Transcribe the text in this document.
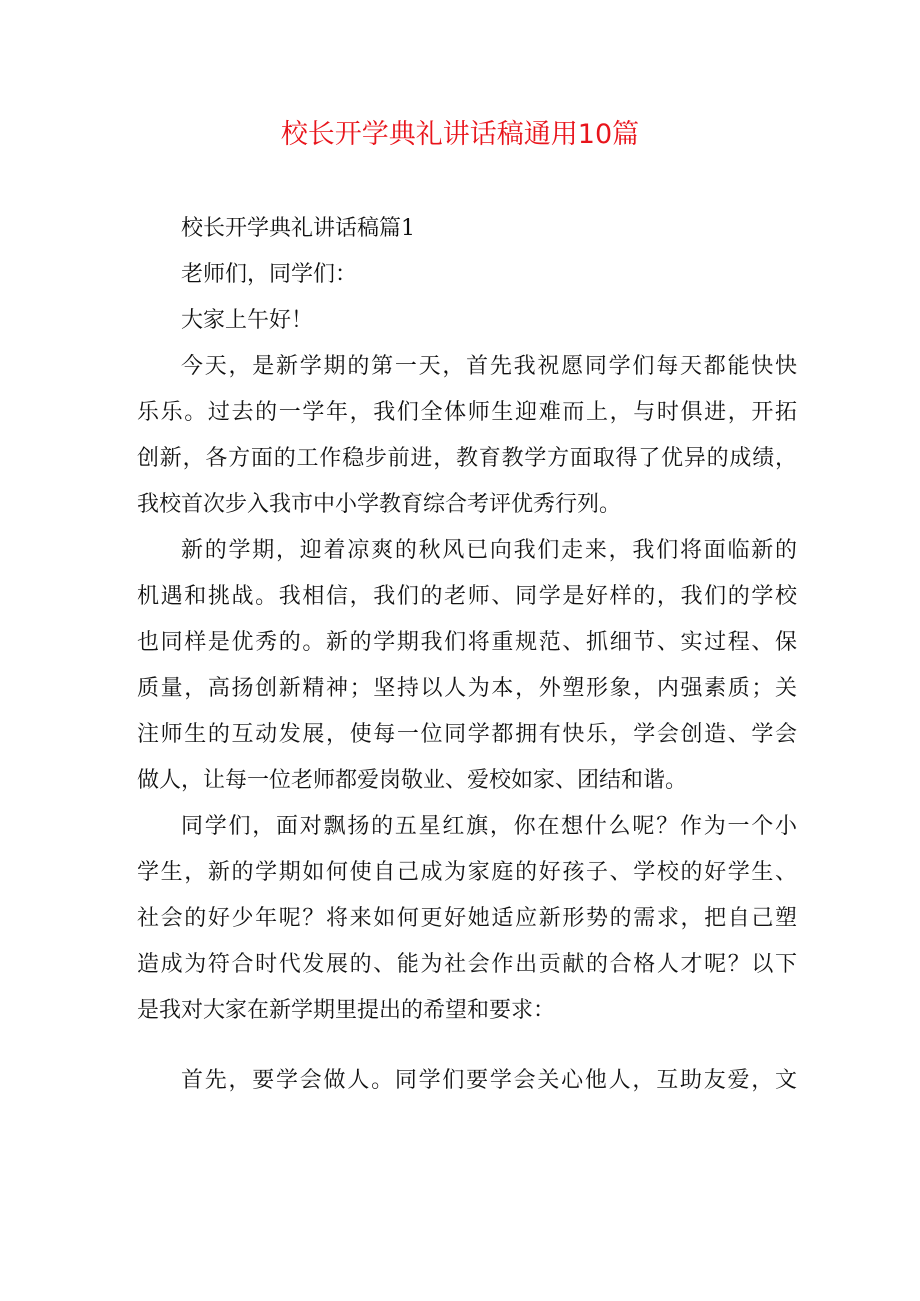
校长开学典礼讲话稿通用10篇
校长开学典礼讲话稿篇1
老师们，同学们：
大家上午好！
今天，是新学期的第一天，首先我祝愿同学们每天都能快快
乐乐。过去的一学年，我们全体师生迎难而上，与时俱进，开拓
创新，各方面的工作稳步前进，教育教学方面取得了优异的成绩，
我校首次步入我市中小学教育综合考评优秀行列。
新的学期，迎着凉爽的秋风已向我们走来，我们将面临新的
机遇和挑战。我相信，我们的老师、同学是好样的，我们的学校
也同样是优秀的。新的学期我们将重规范、抓细节、实过程、保
质量，高扬创新精神；坚持以人为本，外塑形象，内强素质；关
注师生的互动发展，使每一位同学都拥有快乐，学会创造、学会
做人，让每一位老师都爱岗敬业、爱校如家、团结和谐。
同学们，面对飘扬的五星红旗，你在想什么呢？作为一个小
学生，新的学期如何使自己成为家庭的好孩子、学校的好学生、
社会的好少年呢？将来如何更好她适应新形势的需求，把自己塑
造成为符合时代发展的、能为社会作出贡献的合格人才呢？以下
是我对大家在新学期里提出的希望和要求：
首先，要学会做人。同学们要学会关心他人，互助友爱，文
